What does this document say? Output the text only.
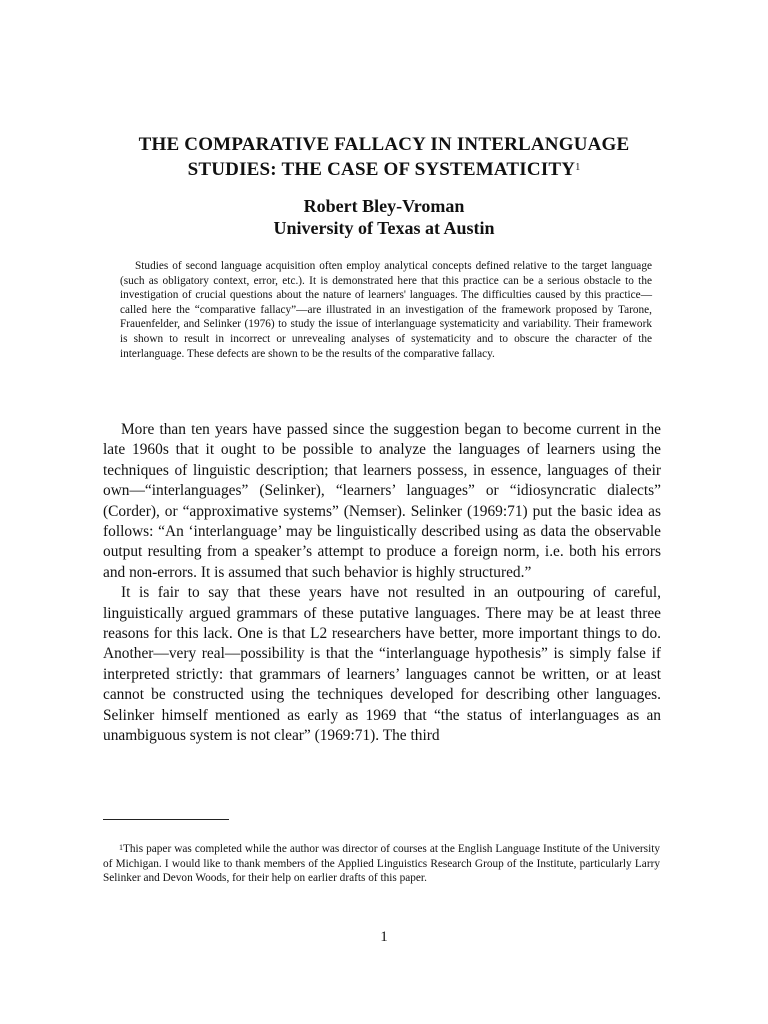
THE COMPARATIVE FALLACY IN INTERLANGUAGE
STUDIES: THE CASE OF SYSTEMATICITY$^1$
Robert Bley-Vroman
University of Texas at Austin
Studies of second language acquisition often employ analytical concepts defined relative to the target language (such as obligatory context, error, etc.). It is demonstrated here that this practice can be a serious obstacle to the investigation of crucial questions about the nature of learners' languages. The difficulties caused by this practice—called here the “comparative fallacy”—are illustrated in an investigation of the framework proposed by Tarone, Frauenfelder, and Selinker (1976) to study the issue of interlanguage systematicity and variability. Their framework is shown to result in incorrect or unrevealing analyses of systematicity and to obscure the character of the interlanguage. These defects are shown to be the results of the comparative fallacy.

More than ten years have passed since the suggestion began to become current in the late 1960s that it ought to be possible to analyze the languages of learners using the techniques of linguistic description; that learners possess, in essence, languages of their own—“interlanguages” (Selinker), “learners’ languages” or “idiosyncratic dialects” (Corder), or “approximative systems” (Nemser). Selinker (1969:71) put the basic idea as follows: “An ‘interlanguage’ may be linguistically described using as data the observable output resulting from a speaker’s attempt to produce a foreign norm, i.e. both his errors and non-errors. It is assumed that such behavior is highly structured.”

It is fair to say that these years have not resulted in an outpouring of careful, linguistically argued grammars of these putative languages. There may be at least three reasons for this lack. One is that L2 researchers have better, more important things to do. Another—very real—possibility is that the “interlanguage hypothesis” is simply false if interpreted strictly: that grammars of learners’ languages cannot be written, or at least cannot be constructed using the techniques developed for describing other languages. Selinker himself mentioned as early as 1969 that “the status of interlanguages as an unambiguous system is not clear” (1969:71). The third

$^1$This paper was completed while the author was director of courses at the English Language Institute of the University of Michigan. I would like to thank members of the Applied Linguistics Research Group of the Institute, particularly Larry Selinker and Devon Woods, for their help on earlier drafts of this paper.
1
